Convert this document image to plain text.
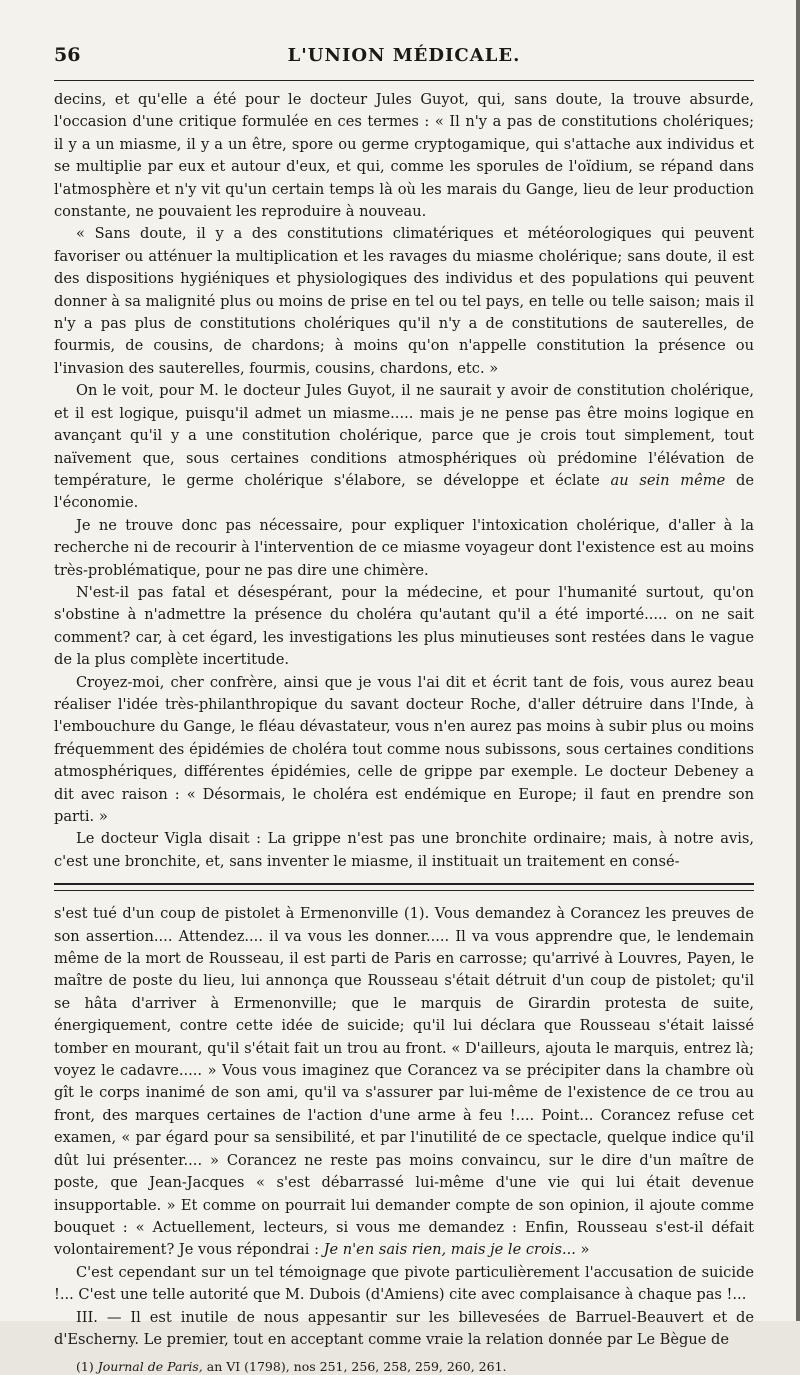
56	L'UNION MÉDICALE.

decins, et qu'elle a été pour le docteur Jules Guyot, qui, sans doute, la trouve absurde, l'occasion d'une critique formulée en ces termes : « Il n'y a pas de constitutions cholériques; il y a un miasme, il y a un être, spore ou germe cryptogamique, qui s'attache aux individus et se multiplie par eux et autour d'eux, et qui, comme les sporules de l'oïdium, se répand dans l'atmosphère et n'y vit qu'un certain temps là où les marais du Gange, lieu de leur production constante, ne pouvaient les reproduire à nouveau.

« Sans doute, il y a des constitutions climatériques et météorologiques qui peuvent favoriser ou atténuer la multiplication et les ravages du miasme cholérique; sans doute, il est des dispositions hygiéniques et physiologiques des individus et des populations qui peuvent donner à sa malignité plus ou moins de prise en tel ou tel pays, en telle ou telle saison; mais il n'y a pas plus de constitutions cholériques qu'il n'y a de constitutions de sauterelles, de fourmis, de cousins, de chardons; à moins qu'on n'appelle constitution la présence ou l'invasion des sauterelles, fourmis, cousins, chardons, etc. »

On le voit, pour M. le docteur Jules Guyot, il ne saurait y avoir de constitution cholérique, et il est logique, puisqu'il admet un miasme..... mais je ne pense pas être moins logique en avançant qu'il y a une constitution cholérique, parce que je crois tout simplement, tout naïvement que, sous certaines conditions atmosphériques où prédomine l'élévation de température, le germe cholérique s'élabore, se développe et éclate au sein même de l'économie.

Je ne trouve donc pas nécessaire, pour expliquer l'intoxication cholérique, d'aller à la recherche ni de recourir à l'intervention de ce miasme voyageur dont l'existence est au moins très-problématique, pour ne pas dire une chimère.

N'est-il pas fatal et désespérant, pour la médecine, et pour l'humanité surtout, qu'on s'obstine à n'admettre la présence du choléra qu'autant qu'il a été importé..... on ne sait comment? car, à cet égard, les investigations les plus minutieuses sont restées dans le vague de la plus complète incertitude.

Croyez-moi, cher confrère, ainsi que je vous l'ai dit et écrit tant de fois, vous aurez beau réaliser l'idée très-philanthropique du savant docteur Roche, d'aller détruire dans l'Inde, à l'embouchure du Gange, le fléau dévastateur, vous n'en aurez pas moins à subir plus ou moins fréquemment des épidémies de choléra tout comme nous subissons, sous certaines conditions atmosphériques, différentes épidémies, celle de grippe par exemple. Le docteur Debeney a dit avec raison : « Désormais, le choléra est endémique en Europe; il faut en prendre son parti. »

Le docteur Vigla disait : La grippe n'est pas une bronchite ordinaire; mais, à notre avis, c'est une bronchite, et, sans inventer le miasme, il instituait un traitement en consé-

s'est tué d'un coup de pistolet à Ermenonville (1). Vous demandez à Corancez les preuves de son assertion.... Attendez.... il va vous les donner..... Il va vous apprendre que, le lendemain même de la mort de Rousseau, il est parti de Paris en carrosse; qu'arrivé à Louvres, Payen, le maître de poste du lieu, lui annonça que Rousseau s'était détruit d'un coup de pistolet; qu'il se hâta d'arriver à Ermenonville; que le marquis de Girardin protesta de suite, énergiquement, contre cette idée de suicide; qu'il lui déclara que Rousseau s'était laissé tomber en mourant, qu'il s'était fait un trou au front. « D'ailleurs, ajouta le marquis, entrez là; voyez le cadavre..... » Vous vous imaginez que Corancez va se précipiter dans la chambre où gît le corps inanimé de son ami, qu'il va s'assurer par lui-même de l'existence de ce trou au front, des marques certaines de l'action d'une arme à feu !.... Point... Corancez refuse cet examen, « par égard pour sa sensibilité, et par l'inutilité de ce spectacle, quelque indice qu'il dût lui présenter.... » Corancez ne reste pas moins convaincu, sur le dire d'un maître de poste, que Jean-Jacques « s'est débarrassé lui-même d'une vie qui lui était devenue insupportable. » Et comme on pourrait lui demander compte de son opinion, il ajoute comme bouquet : « Actuellement, lecteurs, si vous me demandez : Enfin, Rousseau s'est-il défait volontairement? Je vous répondrai : Je n'en sais rien, mais je le crois... »

C'est cependant sur un tel témoignage que pivote particulièrement l'accusation de suicide !... C'est une telle autorité que M. Dubois (d'Amiens) cite avec complaisance à chaque pas !...

III. — Il est inutile de nous appesantir sur les billevesées de Barruel-Beauvert et de d'Escherny. Le premier, tout en acceptant comme vraie la relation donnée par Le Bègue de

(1) Journal de Paris, an VI (1798), nos 251, 256, 258, 259, 260, 261.
